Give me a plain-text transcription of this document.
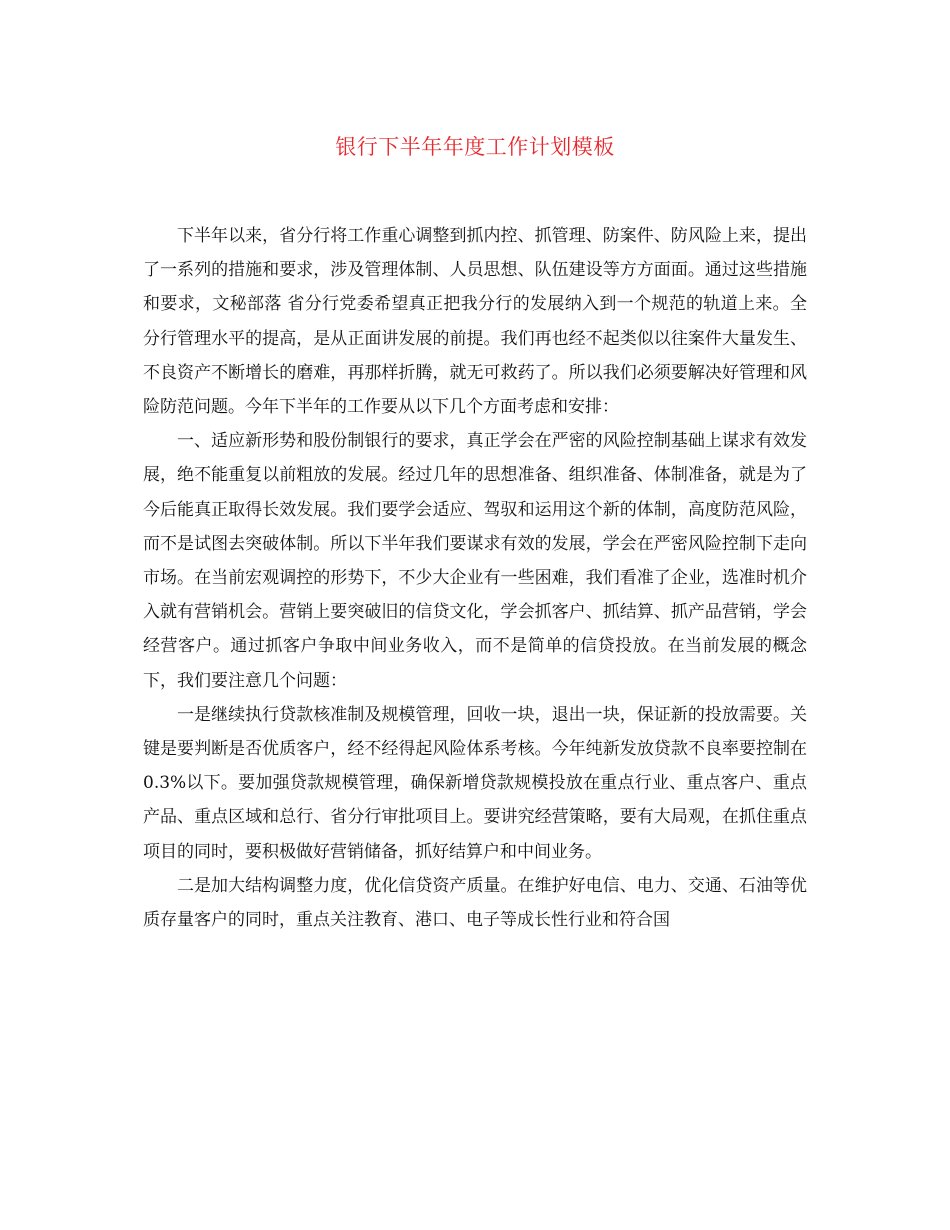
银行下半年年度工作计划模板

下半年以来，省分行将工作重心调整到抓内控、抓管理、防案件、防风险上来，提出了一系列的措施和要求，涉及管理体制、人员思想、队伍建设等方方面面。通过这些措施和要求，文秘部落 省分行党委希望真正把我分行的发展纳入到一个规范的轨道上来。全分行管理水平的提高，是从正面讲发展的前提。我们再也经不起类似以往案件大量发生、不良资产不断增长的磨难，再那样折腾，就无可救药了。所以我们必须要解决好管理和风险防范问题。今年下半年的工作要从以下几个方面考虑和安排：

一、适应新形势和股份制银行的要求，真正学会在严密的风险控制基础上谋求有效发展，绝不能重复以前粗放的发展。经过几年的思想准备、组织准备、体制准备，就是为了今后能真正取得长效发展。我们要学会适应、驾驭和运用这个新的体制，高度防范风险，而不是试图去突破体制。所以下半年我们要谋求有效的发展，学会在严密风险控制下走向市场。在当前宏观调控的形势下，不少大企业有一些困难，我们看准了企业，选准时机介入就有营销机会。营销上要突破旧的信贷文化，学会抓客户、抓结算、抓产品营销，学会经营客户。通过抓客户争取中间业务收入，而不是简单的信贷投放。在当前发展的概念下，我们要注意几个问题：

一是继续执行贷款核准制及规模管理，回收一块，退出一块，保证新的投放需要。关键是要判断是否优质客户，经不经得起风险体系考核。今年纯新发放贷款不良率要控制在0.3%以下。要加强贷款规模管理，确保新增贷款规模投放在重点行业、重点客户、重点产品、重点区域和总行、省分行审批项目上。要讲究经营策略，要有大局观，在抓住重点项目的同时，要积极做好营销储备，抓好结算户和中间业务。

二是加大结构调整力度，优化信贷资产质量。在维护好电信、电力、交通、石油等优质存量客户的同时，重点关注教育、港口、电子等成长性行业和符合国
